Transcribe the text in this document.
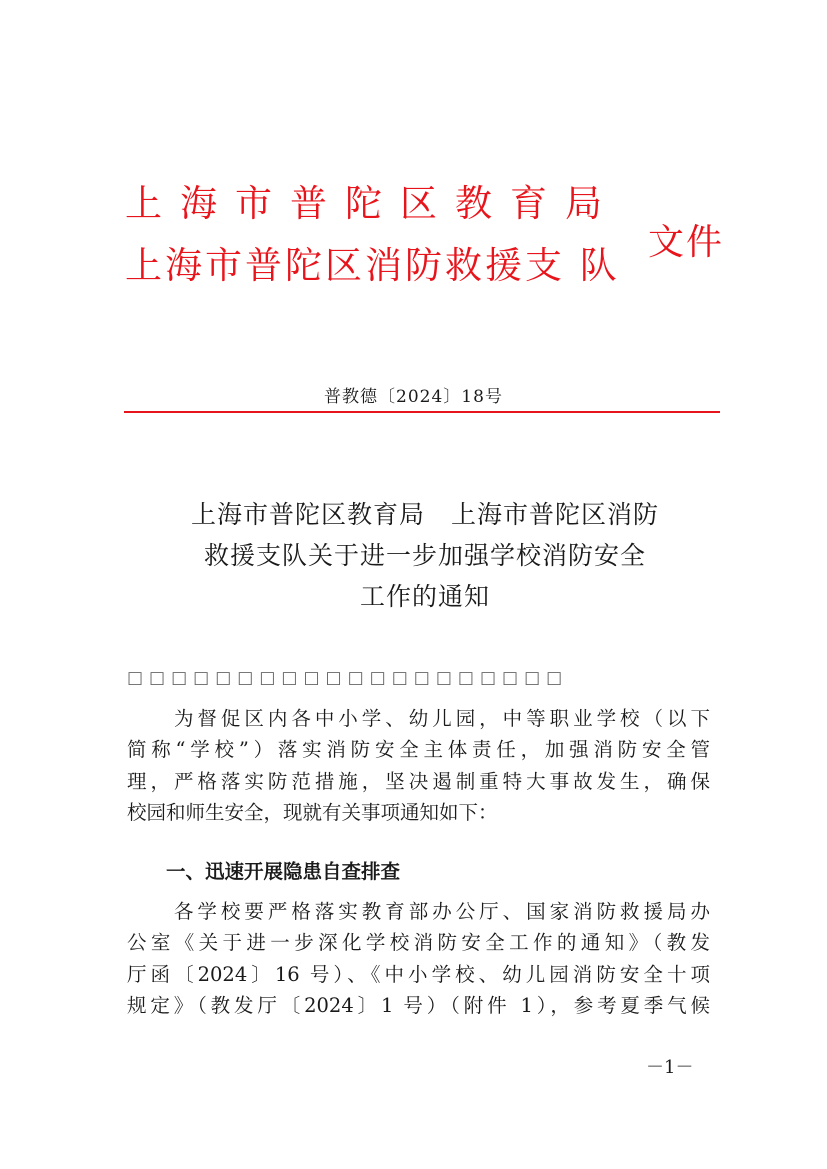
上海市普陀区教育局
上海市普陀区消防救援支 队
文件
普教德〔2024〕18号
上海市普陀区教育局　上海市普陀区消防
救援支队关于进一步加强学校消防安全
工作的通知
□□□□□□□□□□□□□□□□□□□□
　　为督促区内各中小学、幼儿园，中等职业学校（以下
简称“学校”）落实消防安全主体责任，加强消防安全管
理，严格落实防范措施，坚决遏制重特大事故发生，确保
校园和师生安全，现就有关事项通知如下：
一、迅速开展隐患自查排查
　　各学校要严格落实教育部办公厅、国家消防救援局办
公室《关于进一步深化学校消防安全工作的通知》（教发
厅函〔2024〕16 号）、《中小学校、幼儿园消防安全十项
规定》（教发厅〔2024〕1 号）（附件 1），参考夏季气候
－1－
